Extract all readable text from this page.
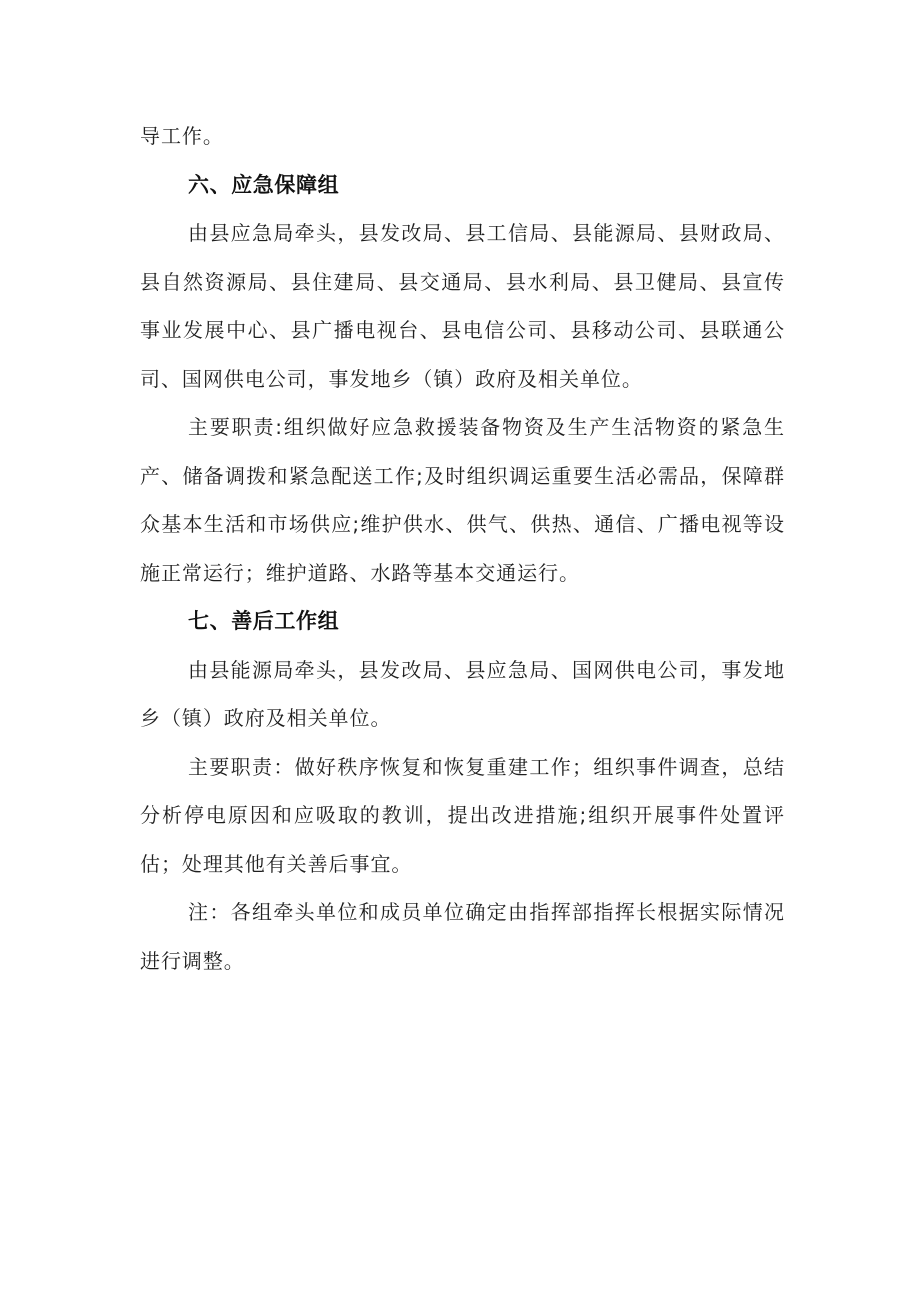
导工作。

六、应急保障组

由县应急局牵头，县发改局、县工信局、县能源局、县财政局、县自然资源局、县住建局、县交通局、县水利局、县卫健局、县宣传事业发展中心、县广播电视台、县电信公司、县移动公司、县联通公司、国网供电公司，事发地乡（镇）政府及相关单位。

主要职责:组织做好应急救援装备物资及生产生活物资的紧急生产、储备调拨和紧急配送工作;及时组织调运重要生活必需品，保障群众基本生活和市场供应;维护供水、供气、供热、通信、广播电视等设施正常运行；维护道路、水路等基本交通运行。

七、善后工作组

由县能源局牵头，县发改局、县应急局、国网供电公司，事发地乡（镇）政府及相关单位。

主要职责：做好秩序恢复和恢复重建工作；组织事件调查，总结分析停电原因和应吸取的教训，提出改进措施;组织开展事件处置评估；处理其他有关善后事宜。

注：各组牵头单位和成员单位确定由指挥部指挥长根据实际情况进行调整。
